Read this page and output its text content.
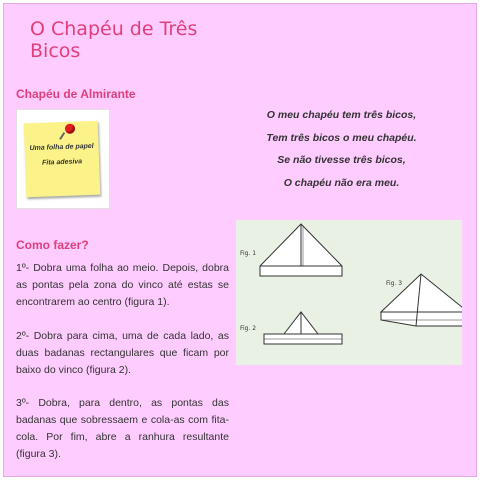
O Chapéu de Três Bicos
Chapéu de Almirante
Uma folha de papel
Fita adesiva
O meu chapéu tem três bicos,
Tem três bicos o meu chapéu.
Se não tivesse três bicos,
O chapéu não era meu.
Como fazer?
1º- Dobra uma folha ao meio. Depois, dobra as pontas pela zona do vinco até estas se encontrarem ao centro (figura 1).
2º- Dobra para cima, uma de cada lado, as duas badanas rectangulares que ficam por baixo do vinco (figura 2).
3º- Dobra, para dentro, as pontas das badanas que sobressaem e cola-as com fita-cola. Por fim, abre a ranhura resultante (figura 3).
Fig. 1
Fig. 2
Fig. 3
